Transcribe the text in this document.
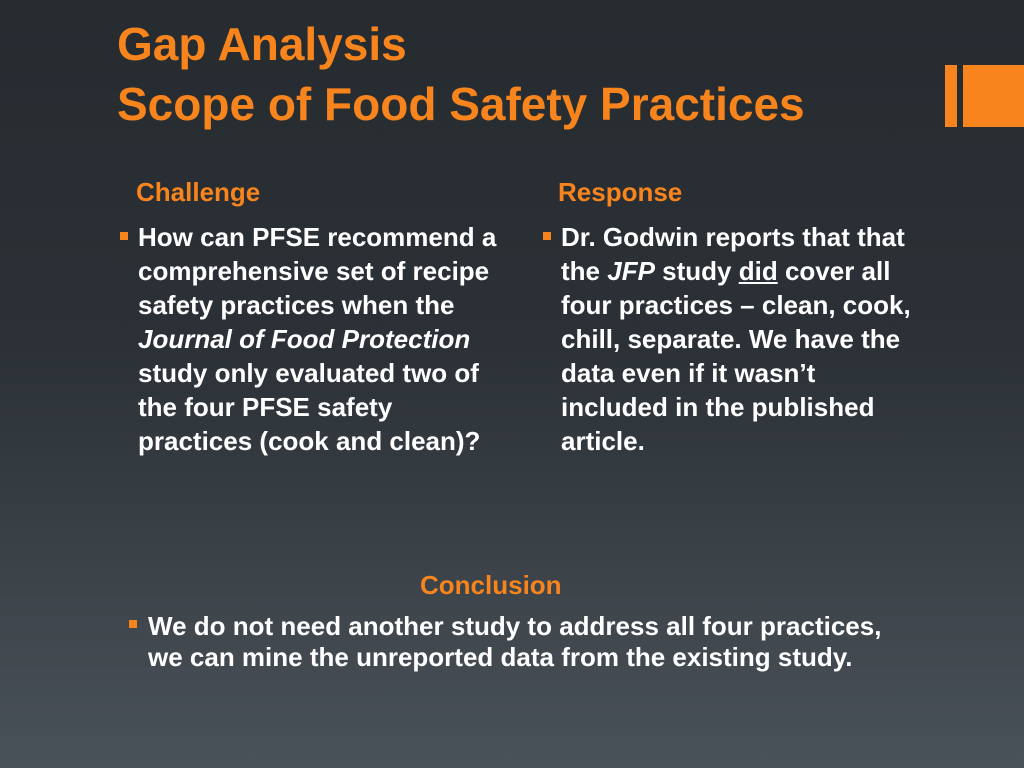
Gap Analysis
Scope of Food Safety Practices
Challenge
How can PFSE recommend a comprehensive set of recipe safety practices when the Journal of Food Protection study only evaluated two of the four PFSE safety practices (cook and clean)?
Response
Dr. Godwin reports that that the JFP study did cover all four practices – clean, cook, chill, separate. We have the data even if it wasn’t included in the published article.
Conclusion
We do not need another study to address all four practices, we can mine the unreported data from the existing study.
